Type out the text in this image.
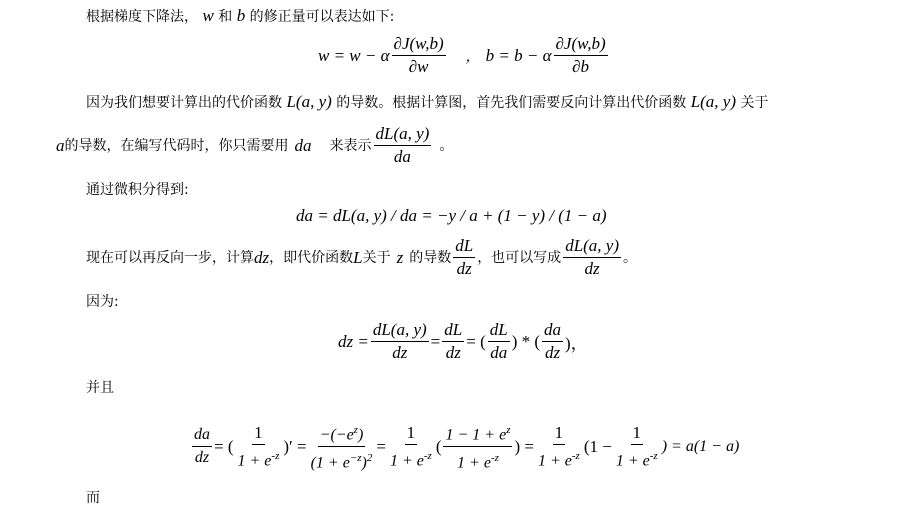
根据梯度下降法， w 和 b 的修正量可以表达如下:
w = w − α $\frac{\partial J(w,b)}{\partial w}$ ， b = b − α $\frac{\partial J(w,b)}{\partial b}$
因为我们想要计算出的代价函数 L(a, y) 的导数。根据计算图，首先我们需要反向计算出代价函数 L(a, y) 关于
a 的导数，在编写代码时，你只需要用 da 来表示 $\frac{dL(a, y)}{da}$ 。
通过微积分得到:
da = dL(a, y) / da = −y / a + (1 − y) / (1 − a)
现在可以再反向一步，计算 dz ，即代价函数 L 关于 z 的导数 $\frac{dL}{dz}$ ，也可以写成 $\frac{dL(a, y)}{dz}$ 。
因为:
dz = $\frac{dL(a, y)}{dz} = \frac{dL}{dz}$ = ( $\frac{dL}{da}$ ) * ( $\frac{da}{dz}$ )，
并且
$\frac{da}{dz}$ = ( $\frac{1}{1 + e^{-z}}$ )′ = $\frac{-(-e^z)}{(1 + e^{-z})^2} = \frac{1}{1 + e^{-z}}$ ( $\frac{1 - 1 + e^z}{1 + e^{-z}}$ ) = $\frac{1}{1 + e^{-z}} (1 - \frac{1}{1 + e^{-z}}$ ) = a(1 − a)
而
